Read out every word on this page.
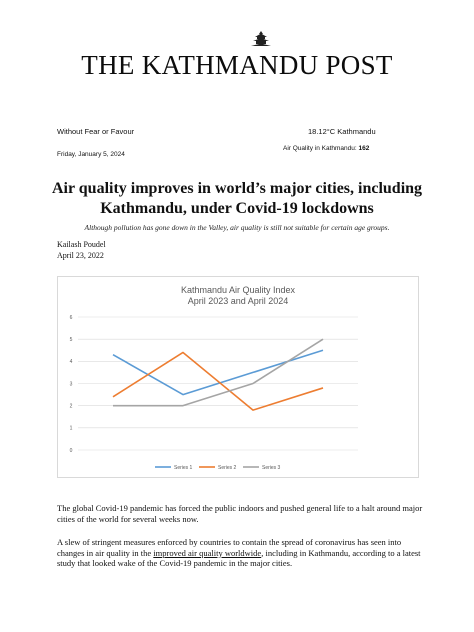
THE KATHMANDU POST
Without Fear or Favour
Friday, January 5, 2024
18.12°C Kathmandu
Air Quality in Kathmandu: 162
Air quality improves in world’s major cities, including Kathmandu, under Covid-19 lockdowns
Although pollution has gone down in the Valley, air quality is still not suitable for certain age groups.
Kailash Poudel
April 23, 2022
0
1
2
3
4
5
6
Series 1	Series 2	Series 3
Kathmandu Air Quality Index
April 2023 and April 2024
The global Covid-19 pandemic has forced the public indoors and pushed general life to a halt around major cities of the world for several weeks now.
A slew of stringent measures enforced by countries to contain the spread of coronavirus has seen into changes in air quality in the improved air quality worldwide, including in Kathmandu, according to a latest study that looked wake of the Covid-19 pandemic in the major cities.
